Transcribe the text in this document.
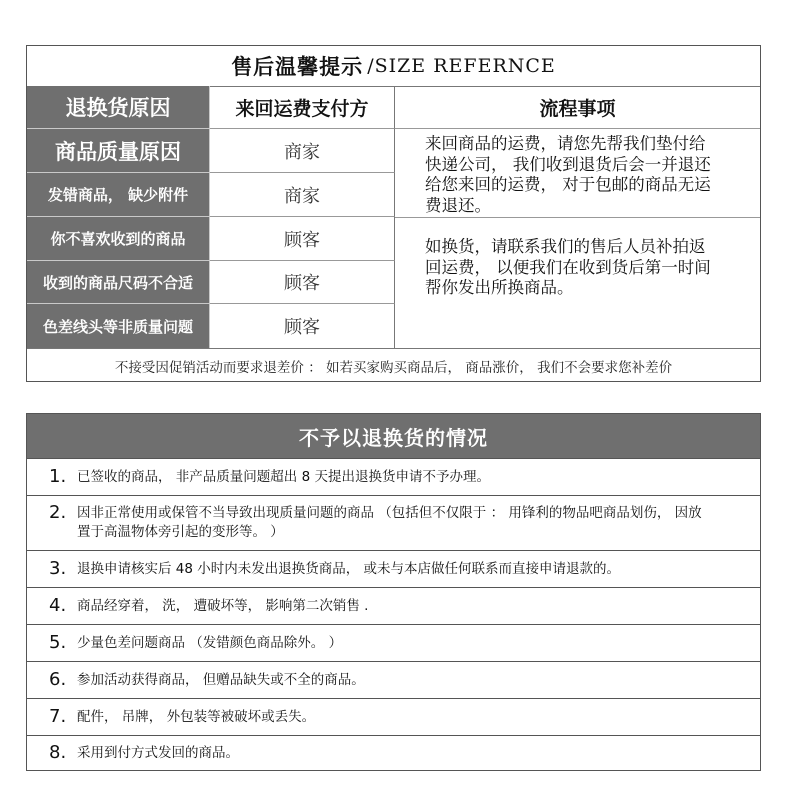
售后温馨提示 /SIZE REFERNCE
退换货原因	来回运费支付方	流程事项
商品质量原因	商家
发错商品， 缺少附件	商家
你不喜欢收到的商品	顾客
收到的商品尺码不合适	顾客
色差线头等非质量问题	顾客
来回商品的运费，请您先帮我们垫付给
快递公司， 我们收到退货后会一并退还
给您来回的运费， 对于包邮的商品无运
费退还。
如换货，请联系我们的售后人员补拍返
回运费， 以便我们在收到货后第一时间
帮你发出所换商品。
不接受因促销活动而要求退差价 ： 如若买家购买商品后， 商品涨价， 我们不会要求您补差价
不予以退换货的情况
1. 已签收的商品， 非产品质量问题超出 8 天提出退换货申请不予办理。
2. 因非正常使用或保管不当导致出现质量问题的商品 （包括但不仅限于 ： 用锋利的物品吧商品划伤， 因放
置于高温物体旁引起的变形等。 ）
3. 退换申请核实后 48 小时内未发出退换货商品， 或未与本店做任何联系而直接申请退款的。
4. 商品经穿着， 洗， 遭破坏等， 影响第二次销售 .
5. 少量色差问题商品 （发错颜色商品除外。 ）
6. 参加活动获得商品， 但赠品缺失或不全的商品。
7. 配件， 吊牌， 外包装等被破坏或丢失。
8. 采用到付方式发回的商品。
